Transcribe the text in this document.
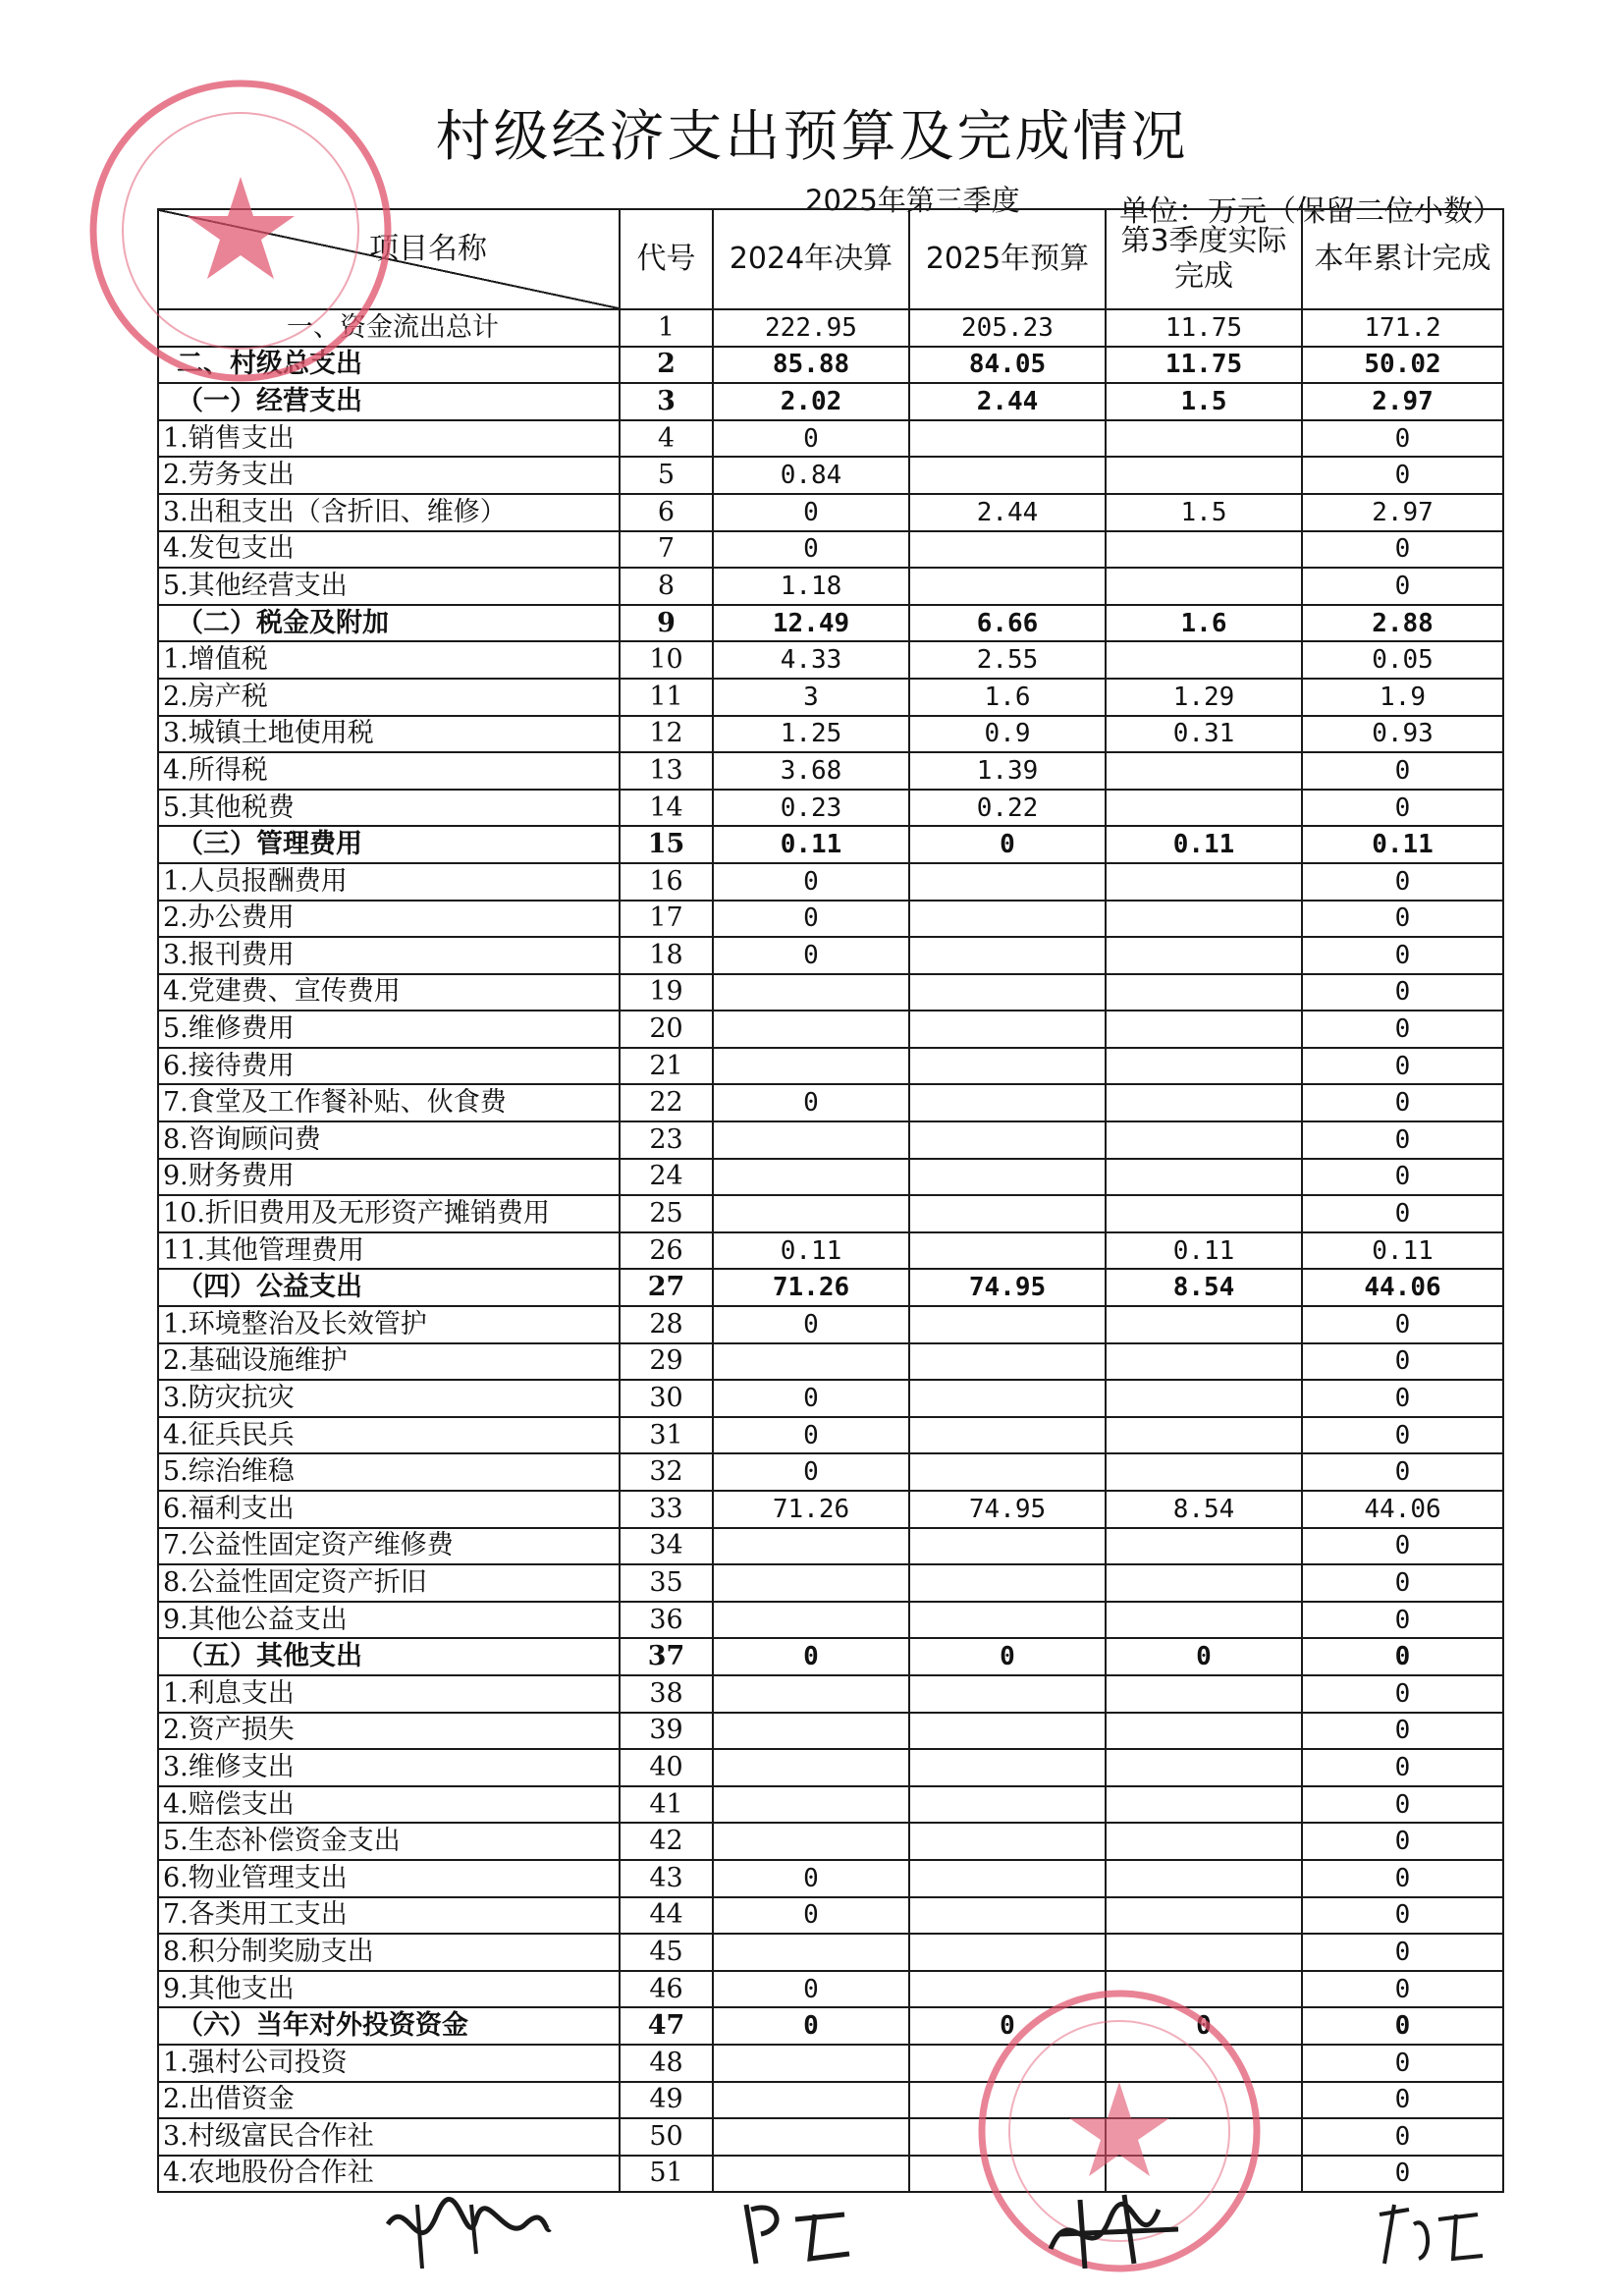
村级经济支出预算及完成情况
2025年第三季度	单位：万元（保留二位小数）
项目名称	代号	2024年决算	2025年预算	第3季度实际完成	本年累计完成
一、资金流出总计	1	222.95	205.23	11.75	171.2
二、村级总支出	2	85.88	84.05	11.75	50.02
（一）经营支出	3	2.02	2.44	1.5	2.97
1.销售支出	4	0			0
2.劳务支出	5	0.84			0
3.出租支出（含折旧、维修）	6	0	2.44	1.5	2.97
4.发包支出	7	0			0
5.其他经营支出	8	1.18			0
（二）税金及附加	9	12.49	6.66	1.6	2.88
1.增值税	10	4.33	2.55		0.05
2.房产税	11	3	1.6	1.29	1.9
3.城镇土地使用税	12	1.25	0.9	0.31	0.93
4.所得税	13	3.68	1.39		0
5.其他税费	14	0.23	0.22		0
（三）管理费用	15	0.11	0	0.11	0.11
1.人员报酬费用	16	0			0
2.办公费用	17	0			0
3.报刊费用	18	0			0
4.党建费、宣传费用	19				0
5.维修费用	20				0
6.接待费用	21				0
7.食堂及工作餐补贴、伙食费	22	0			0
8.咨询顾问费	23				0
9.财务费用	24				0
10.折旧费用及无形资产摊销费用	25				0
11.其他管理费用	26	0.11		0.11	0.11
（四）公益支出	27	71.26	74.95	8.54	44.06
1.环境整治及长效管护	28	0			0
2.基础设施维护	29				0
3.防灾抗灾	30	0			0
4.征兵民兵	31	0			0
5.综治维稳	32	0			0
6.福利支出	33	71.26	74.95	8.54	44.06
7.公益性固定资产维修费	34				0
8.公益性固定资产折旧	35				0
9.其他公益支出	36				0
（五）其他支出	37	0	0	0	0
1.利息支出	38				0
2.资产损失	39				0
3.维修支出	40				0
4.赔偿支出	41				0
5.生态补偿资金支出	42				0
6.物业管理支出	43	0			0
7.各类用工支出	44	0			0
8.积分制奖励支出	45				0
9.其他支出	46	0			0
（六）当年对外投资资金	47	0	0	0	0
1.强村公司投资	48				0
2.出借资金	49				0
3.村级富民合作社	50				0
4.农地股份合作社	51				0
